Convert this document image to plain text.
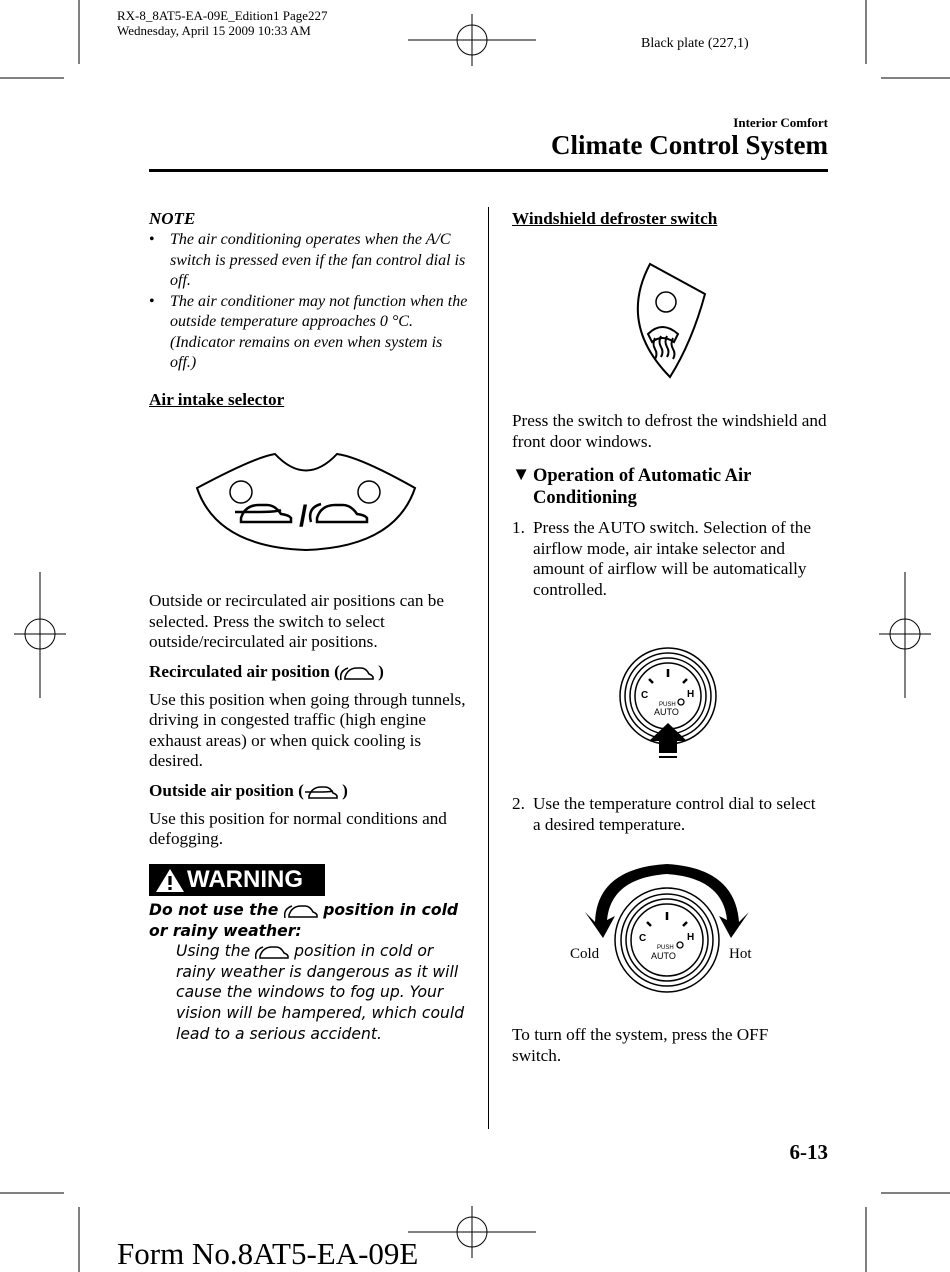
RX-8_8AT5-EA-09E_Edition1 Page227
Wednesday, April 15 2009 10:33 AM
Black plate (227,1)
Interior Comfort
Climate Control System
NOTE
• The air conditioning operates when the A/C switch is pressed even if the fan control dial is off.
• The air conditioner may not function when the outside temperature approaches 0 °C. (Indicator remains on even when system is off.)
Air intake selector
/
Outside or recirculated air positions can be selected. Press the switch to select outside/recirculated air positions.
Recirculated air position ( )
Use this position when going through tunnels, driving in congested traffic (high engine exhaust areas) or when quick cooling is desired.
Outside air position ( )
Use this position for normal conditions and defogging.
WARNING
Do not use the	position in cold or rainy weather:
Using the	position in cold or rainy weather is dangerous as it will cause the windows to fog up. Your vision will be hampered, which could lead to a serious accident.
Windshield defroster switch
Press the switch to defrost the windshield and front door windows.
▼ Operation of Automatic Air Conditioning
1. Press the AUTO switch. Selection of the airflow mode, air intake selector and amount of airflow will be automatically controlled.
C	H
PUSH
AUTO
2. Use the temperature control dial to select a desired temperature.
C	H
PUSH
AUTO
Cold	Hot
To turn off the system, press the OFF switch.
6-13
Form No.8AT5-EA-09E
